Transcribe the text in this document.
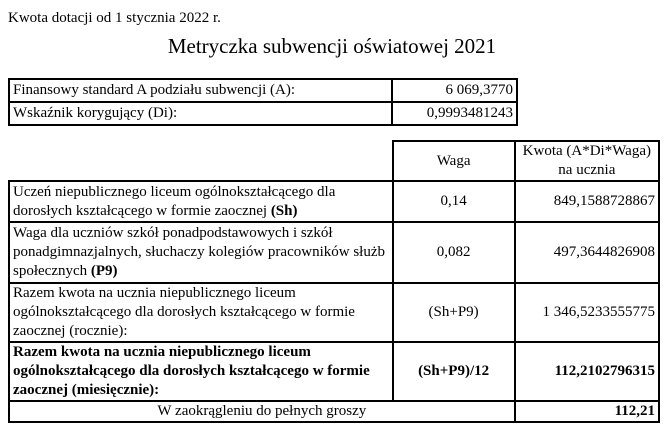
Kwota dotacji od 1 stycznia 2022 r.

Metryczka subwencji oświatowej 2021
Finansowy standard A podziału subwencji (A):	6 069,3770
Wskaźnik korygujący (Di):	0,9993481243
	Waga	Kwota (A*Di*Waga)
na ucznia

Uczeń niepublicznego liceum ogólnokształcącego dla dorosłych kształcącego w formie zaocznej (Sh)	0,14	849,1588728867
Waga dla uczniów szkół ponadpodstawowych i szkół ponadgimnazjalnych, słuchaczy kolegiów pracowników służb społecznych (P9)	0,082	497,3644826908
Razem kwota na ucznia niepublicznego liceum ogólnokształcącego dla dorosłych kształcącego w formie zaocznej (rocznie):	(Sh+P9)	1 346,5233555775
Razem kwota na ucznia niepublicznego liceum ogólnokształcącego dla dorosłych kształcącego w formie zaocznej (miesięcznie):	(Sh+P9)/12	112,2102796315
W zaokrągleniu do pełnych groszy		112,21
